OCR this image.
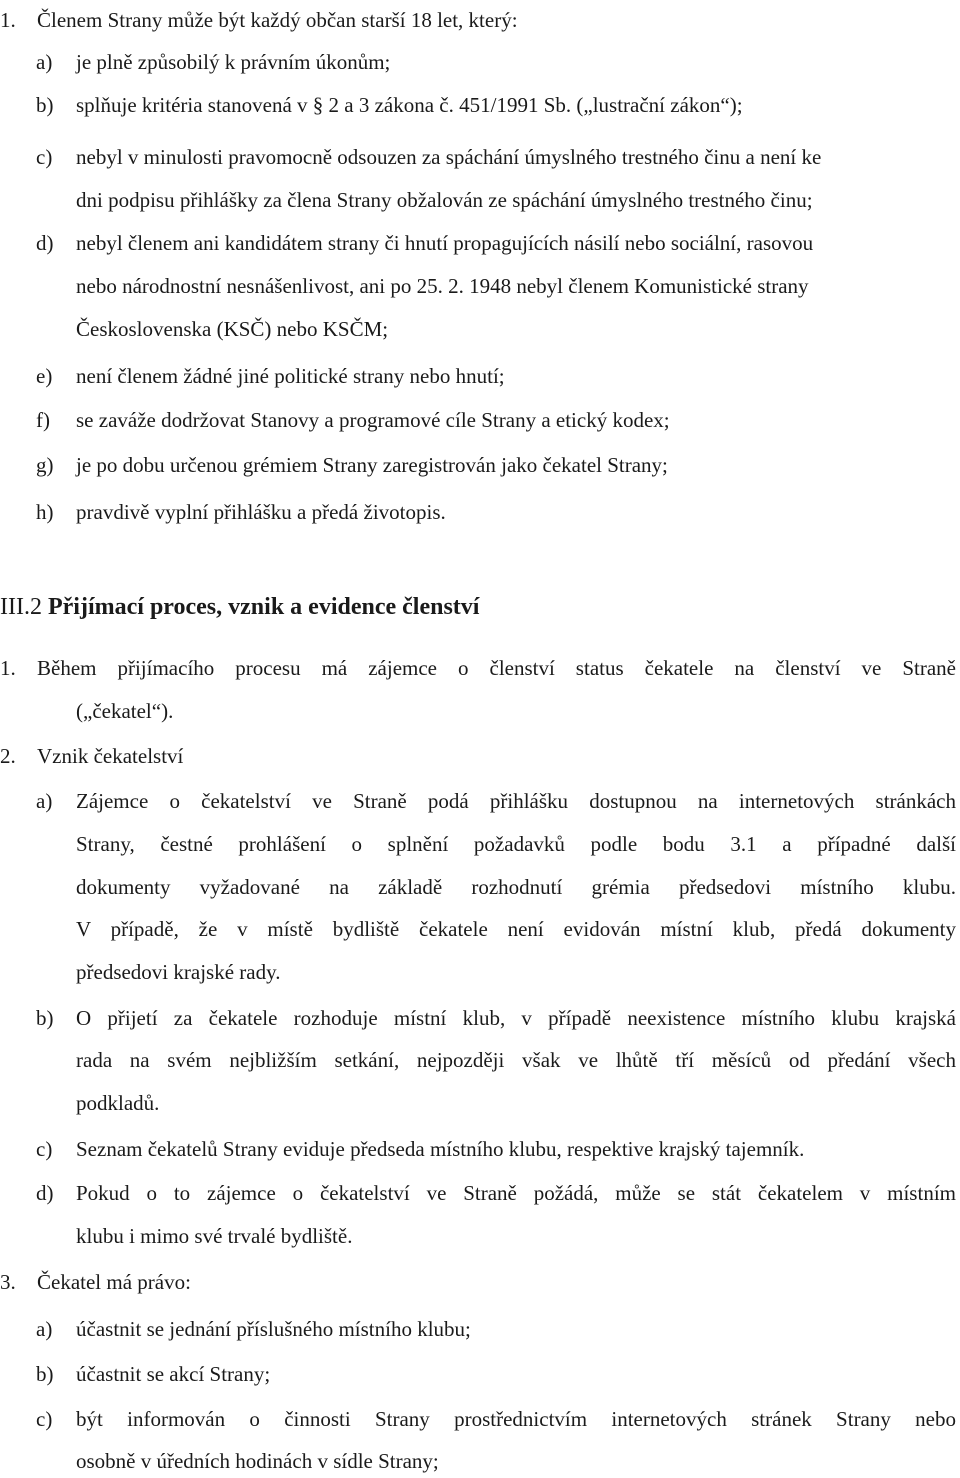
1. Členem Strany může být každý občan starší 18 let, který:
a) je plně způsobilý k právním úkonům;
b) splňuje kritéria stanovená v § 2 a 3 zákona č. 451/1991 Sb. („lustrační zákon“);
c) nebyl v minulosti pravomocně odsouzen za spáchání úmyslného trestného činu a není ke
dni podpisu přihlášky za člena Strany obžalován ze spáchání úmyslného trestného činu;
d) nebyl členem ani kandidátem strany či hnutí propagujících násilí nebo sociální, rasovou
nebo národnostní nesnášenlivost, ani po 25. 2. 1948 nebyl členem Komunistické strany
Československa (KSČ) nebo KSČM;
e) není členem žádné jiné politické strany nebo hnutí;
f) se zaváže dodržovat Stanovy a programové cíle Strany a etický kodex;
g) je po dobu určenou grémiem Strany zaregistrován jako čekatel Strany;
h) pravdivě vyplní přihlášku a předá životopis.
III.2 Přijímací proces, vznik a evidence členství
1. Během přijímacího procesu má zájemce o členství status čekatele na členství ve Straně
(„čekatel“).
2. Vznik čekatelství
a) Zájemce o čekatelství ve Straně podá přihlášku dostupnou na internetových stránkách
Strany, čestné prohlášení o splnění požadavků podle bodu 3.1 a případné další
dokumenty vyžadované na základě rozhodnutí grémia předsedovi místního klubu.
V případě, že v místě bydliště čekatele není evidován místní klub, předá dokumenty
předsedovi krajské rady.
b) O přijetí za čekatele rozhoduje místní klub, v případě neexistence místního klubu krajská
rada na svém nejbližším setkání, nejpozději však ve lhůtě tří měsíců od předání všech
podkladů.
c) Seznam čekatelů Strany eviduje předseda místního klubu, respektive krajský tajemník.
d) Pokud o to zájemce o čekatelství ve Straně požádá, může se stát čekatelem v místním
klubu i mimo své trvalé bydliště.
3. Čekatel má právo:
a) účastnit se jednání příslušného místního klubu;
b) účastnit se akcí Strany;
c) být informován o činnosti Strany prostřednictvím internetových stránek Strany nebo
osobně v úředních hodinách v sídle Strany;
